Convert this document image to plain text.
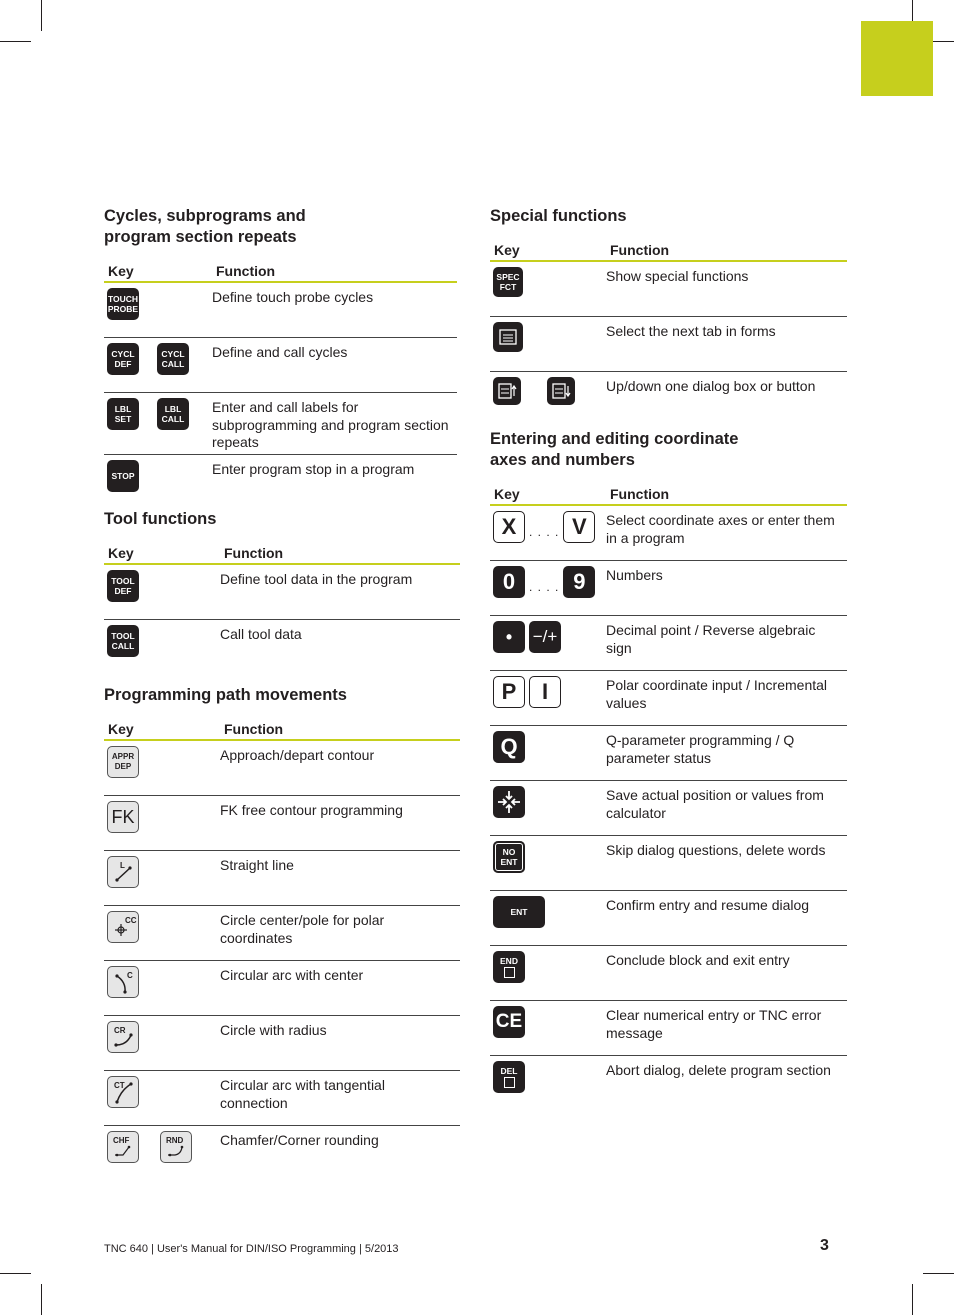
Cycles, subprograms and
program section repeats
Key	Function

TOUCH
PROBE	Define touch probe cycles

CYCL
DEF
CYCL
CALL	Define and call cycles

LBL
SET
LBL
CALL	Enter and call labels for subprogramming and program section repeats

STOP	Enter program stop in a program
Tool functions
Key	Function

TOOL
DEF	Define tool data in the program

TOOL
CALL	Call tool data
Programming path movements
Key	Function

APPR
DEP	Approach/depart contour

FK	FK free contour programming

L	Straight line

CC	Circle center/pole for polar coordinates

C	Circular arc with center

CR	Circle with radius

CT	Circular arc with tangential connection

CHF RND	Chamfer/Corner rounding
Special functions
Key	Function

SPEC
FCT	Show special functions

	Select the next tab in forms

	Up/down one dialog box or button
Entering and editing coordinate
axes and numbers
Key	Function

X . . . . V	Select coordinate axes or enter them in a program

0 . . . . 9	Numbers

• −/+	Decimal point / Reverse algebraic sign

P I	Polar coordinate input / Incremental values

Q	Q-parameter programming / Q parameter status

	Save actual position or values from calculator

NO
ENT	Skip dialog questions, delete words

ENT	Confirm entry and resume dialog

END	Conclude block and exit entry

CE	Clear numerical entry or TNC error message

DEL	Abort dialog, delete program section
TNC 640 | User's Manual for DIN/ISO Programming | 5/2013	3
